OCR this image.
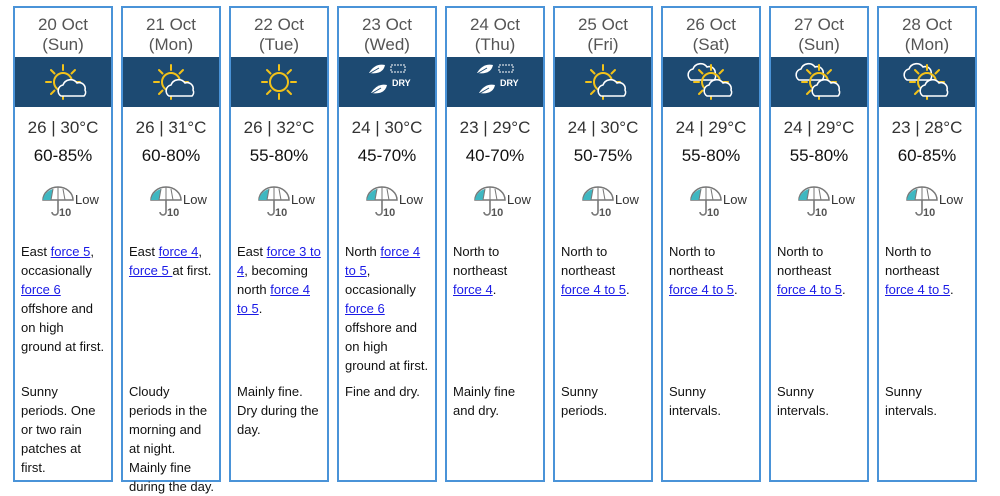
20 Oct
(Sun)
26 | 30°C
60-85%
10
Low
East force 5, occasionally force 6 offshore and on high ground at first.
Sunny periods. One or two rain patches at first.
21 Oct
(Mon)
26 | 31°C
60-80%
10
Low
East force 4, force 5 at first.
Cloudy periods in the morning and at night. Mainly fine during the day.
22 Oct
(Tue)
26 | 32°C
55-80%
10
Low
East force 3 to 4, becoming north force 4 to 5.
Mainly fine. Dry during the day.
23 Oct
(Wed)
DRY
24 | 30°C
45-70%
10
Low
North force 4 to 5, occasionally force 6 offshore and on high ground at first.
Fine and dry.
24 Oct
(Thu)
DRY
23 | 29°C
40-70%
10
Low
North to northeast force 4.
Mainly fine and dry.
25 Oct
(Fri)
24 | 30°C
50-75%
10
Low
North to northeast force 4 to 5.
Sunny periods.
26 Oct
(Sat)
24 | 29°C
55-80%
10
Low
North to northeast force 4 to 5.
Sunny intervals.
27 Oct
(Sun)
24 | 29°C
55-80%
10
Low
North to northeast force 4 to 5.
Sunny intervals.
28 Oct
(Mon)
23 | 28°C
60-85%
10
Low
North to northeast force 4 to 5.
Sunny intervals.
